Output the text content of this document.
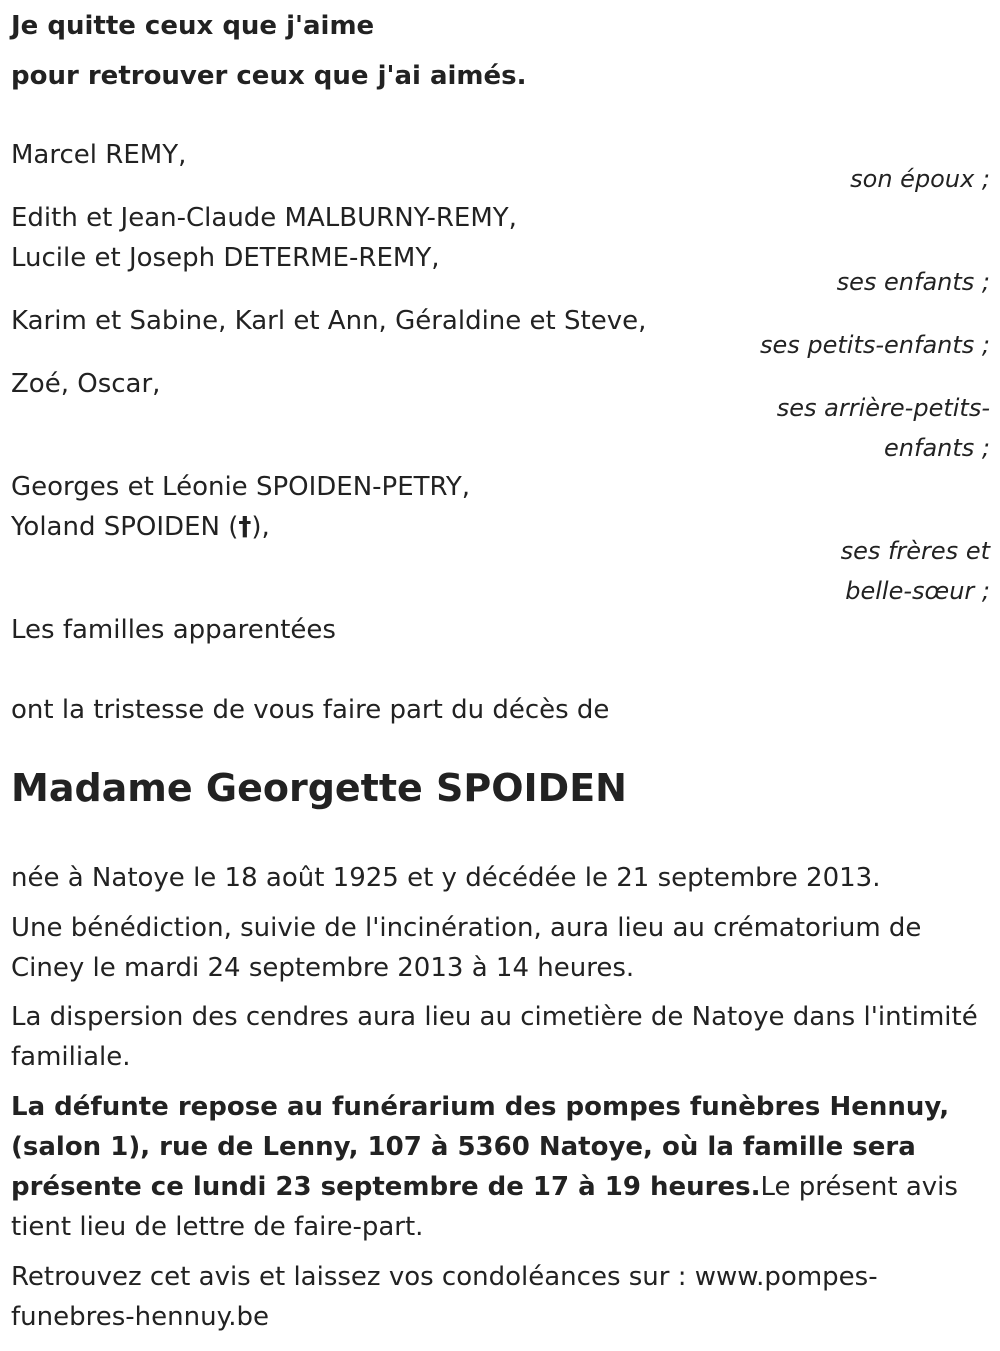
Je quitte ceux que j'aime
pour retrouver ceux que j'ai aimés.
Marcel REMY,
son époux ;
Edith et Jean-Claude MALBURNY-REMY,
Lucile et Joseph DETERME-REMY,
ses enfants ;
Karim et Sabine, Karl et Ann, Géraldine et Steve,
ses petits-enfants ;
Zoé, Oscar,
ses arrière-petits-
enfants ;
Georges et Léonie SPOIDEN-PETRY,
Yoland SPOIDEN (†),
ses frères et
belle-sœur ;
Les familles apparentées
ont la tristesse de vous faire part du décès de
Madame Georgette SPOIDEN
née à Natoye le 18 août 1925 et y décédée le 21 septembre 2013.
Une bénédiction, suivie de l'incinération, aura lieu au crématorium de Ciney le mardi 24 septembre 2013 à 14 heures.
La dispersion des cendres aura lieu au cimetière de Natoye dans l'intimité familiale.
La défunte repose au funérarium des pompes funèbres Hennuy, (salon 1), rue de Lenny, 107 à 5360 Natoye, où la famille sera présente ce lundi 23 septembre de 17 à 19 heures.Le présent avis tient lieu de lettre de faire-part.
Retrouvez cet avis et laissez vos condoléances sur : www.pompes-funebres-hennuy.be
